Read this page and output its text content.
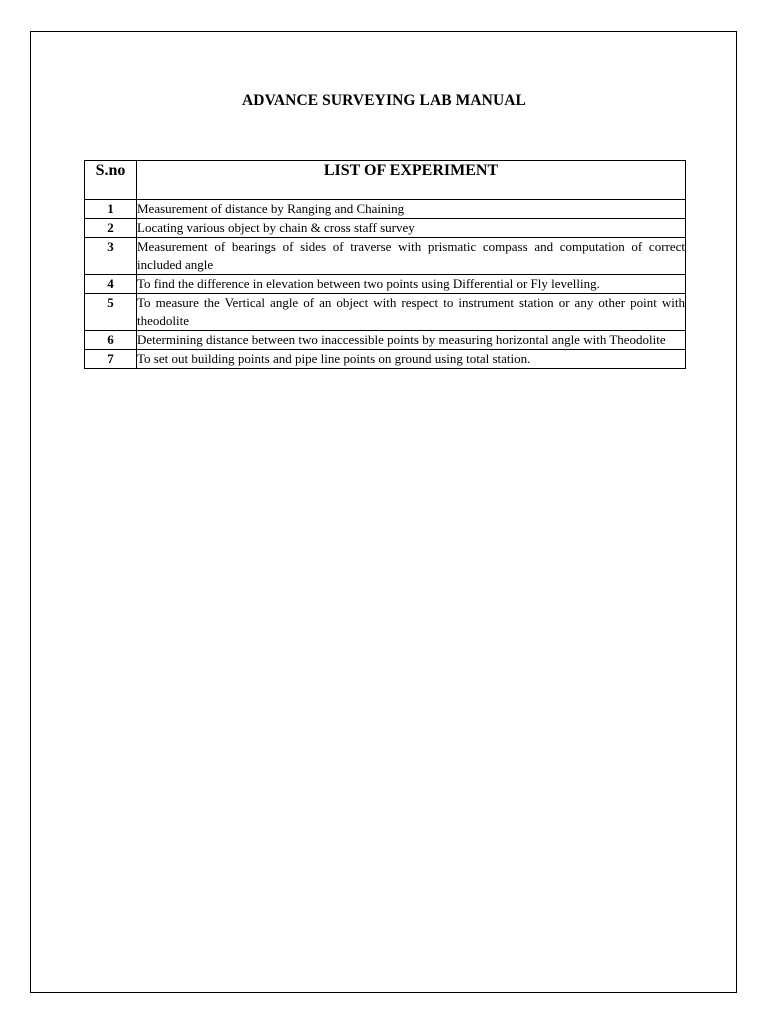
ADVANCE SURVEYING LAB MANUAL
S.no	LIST OF EXPERIMENT
1	Measurement of distance by Ranging and Chaining
2	Locating various object by chain & cross staff survey
3	Measurement of bearings of sides of traverse with prismatic compass and computation of correct included angle
4	To find the difference in elevation between two points using Differential or Fly levelling.
5	To measure the Vertical angle of an object with respect to instrument station or any other point with theodolite
6	Determining distance between two inaccessible points by measuring horizontal angle with Theodolite
7	To set out building points and pipe line points on ground using total station.
